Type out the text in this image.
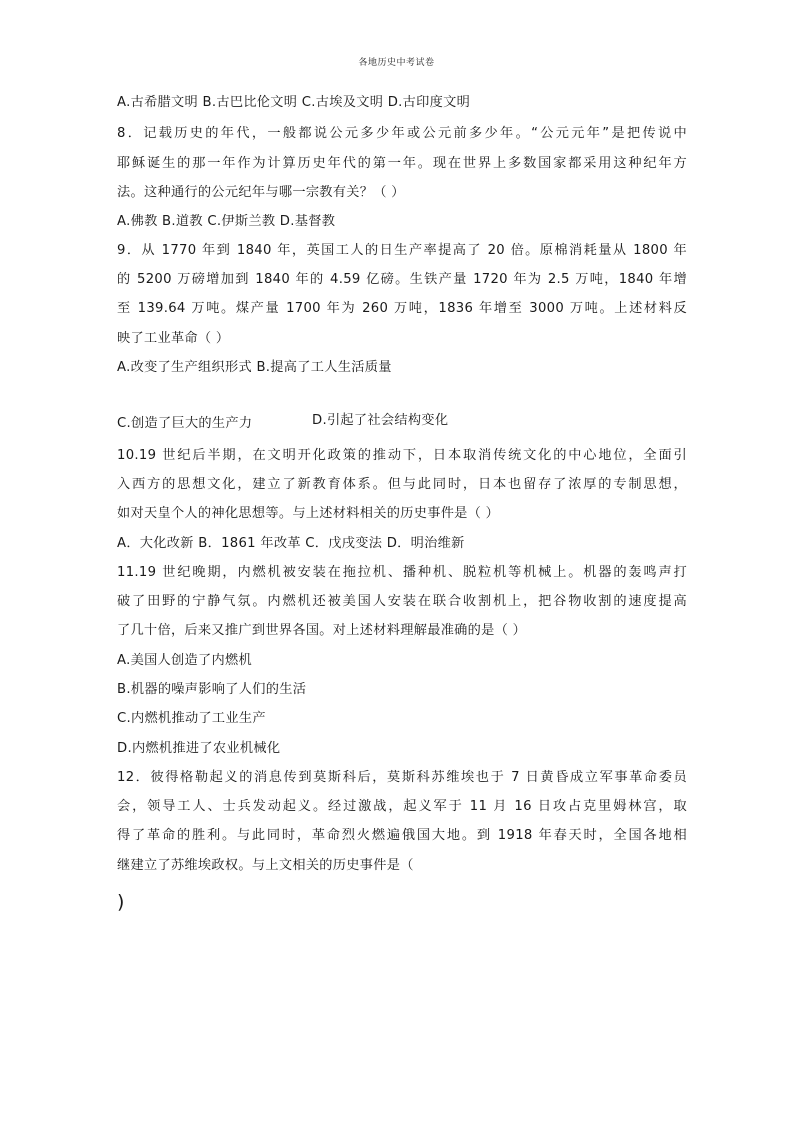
各地历史中考试卷
A.古希腊文明 B.古巴比伦文明 C.古埃及文明 D.古印度文明
8．记载历史的年代，一般都说公元多少年或公元前多少年。“公元元年”是把传说中
耶稣诞生的那一年作为计算历史年代的第一年。现在世界上多数国家都采用这种纪年方
法。这种通行的公元纪年与哪一宗教有关？（ ）
A.佛教 B.道教 C.伊斯兰教 D.基督教
9．从 1770 年到 1840 年，英国工人的日生产率提高了 20 倍。原棉消耗量从 1800 年
的 5200 万磅增加到 1840 年的 4.59 亿磅。生铁产量 1720 年为 2.5 万吨，1840 年增
至 139.64 万吨。煤产量 1700 年为 260 万吨，1836 年增至 3000 万吨。上述材料反
映了工业革命（ ）
A.改变了生产组织形式 B.提高了工人生活质量
C.创造了巨大的生产力	D.引起了社会结构变化
10.19 世纪后半期，在文明开化政策的推动下，日本取消传统文化的中心地位，全面引
入西方的思想文化，建立了新教育体系。但与此同时，日本也留存了浓厚的专制思想，
如对天皇个人的神化思想等。与上述材料相关的历史事件是（ ）
A．大化改新 B．1861 年改革 C．戊戌变法 D．明治维新
11.19 世纪晚期，内燃机被安装在拖拉机、播种机、脱粒机等机械上。机器的轰鸣声打
破了田野的宁静气氛。内燃机还被美国人安装在联合收割机上，把谷物收割的速度提高
了几十倍，后来又推广到世界各国。对上述材料理解最准确的是（ ）
A.美国人创造了内燃机
B.机器的噪声影响了人们的生活
C.内燃机推动了工业生产
D.内燃机推进了农业机械化
12．彼得格勒起义的消息传到莫斯科后，莫斯科苏维埃也于 7 日黄昏成立军事革命委员
会，领导工人、士兵发动起义。经过激战，起义军于 11 月 16 日攻占克里姆林宫，取
得了革命的胜利。与此同时，革命烈火燃遍俄国大地。到 1918 年春天时，全国各地相
继建立了苏维埃政权。与上文相关的历史事件是（
)
